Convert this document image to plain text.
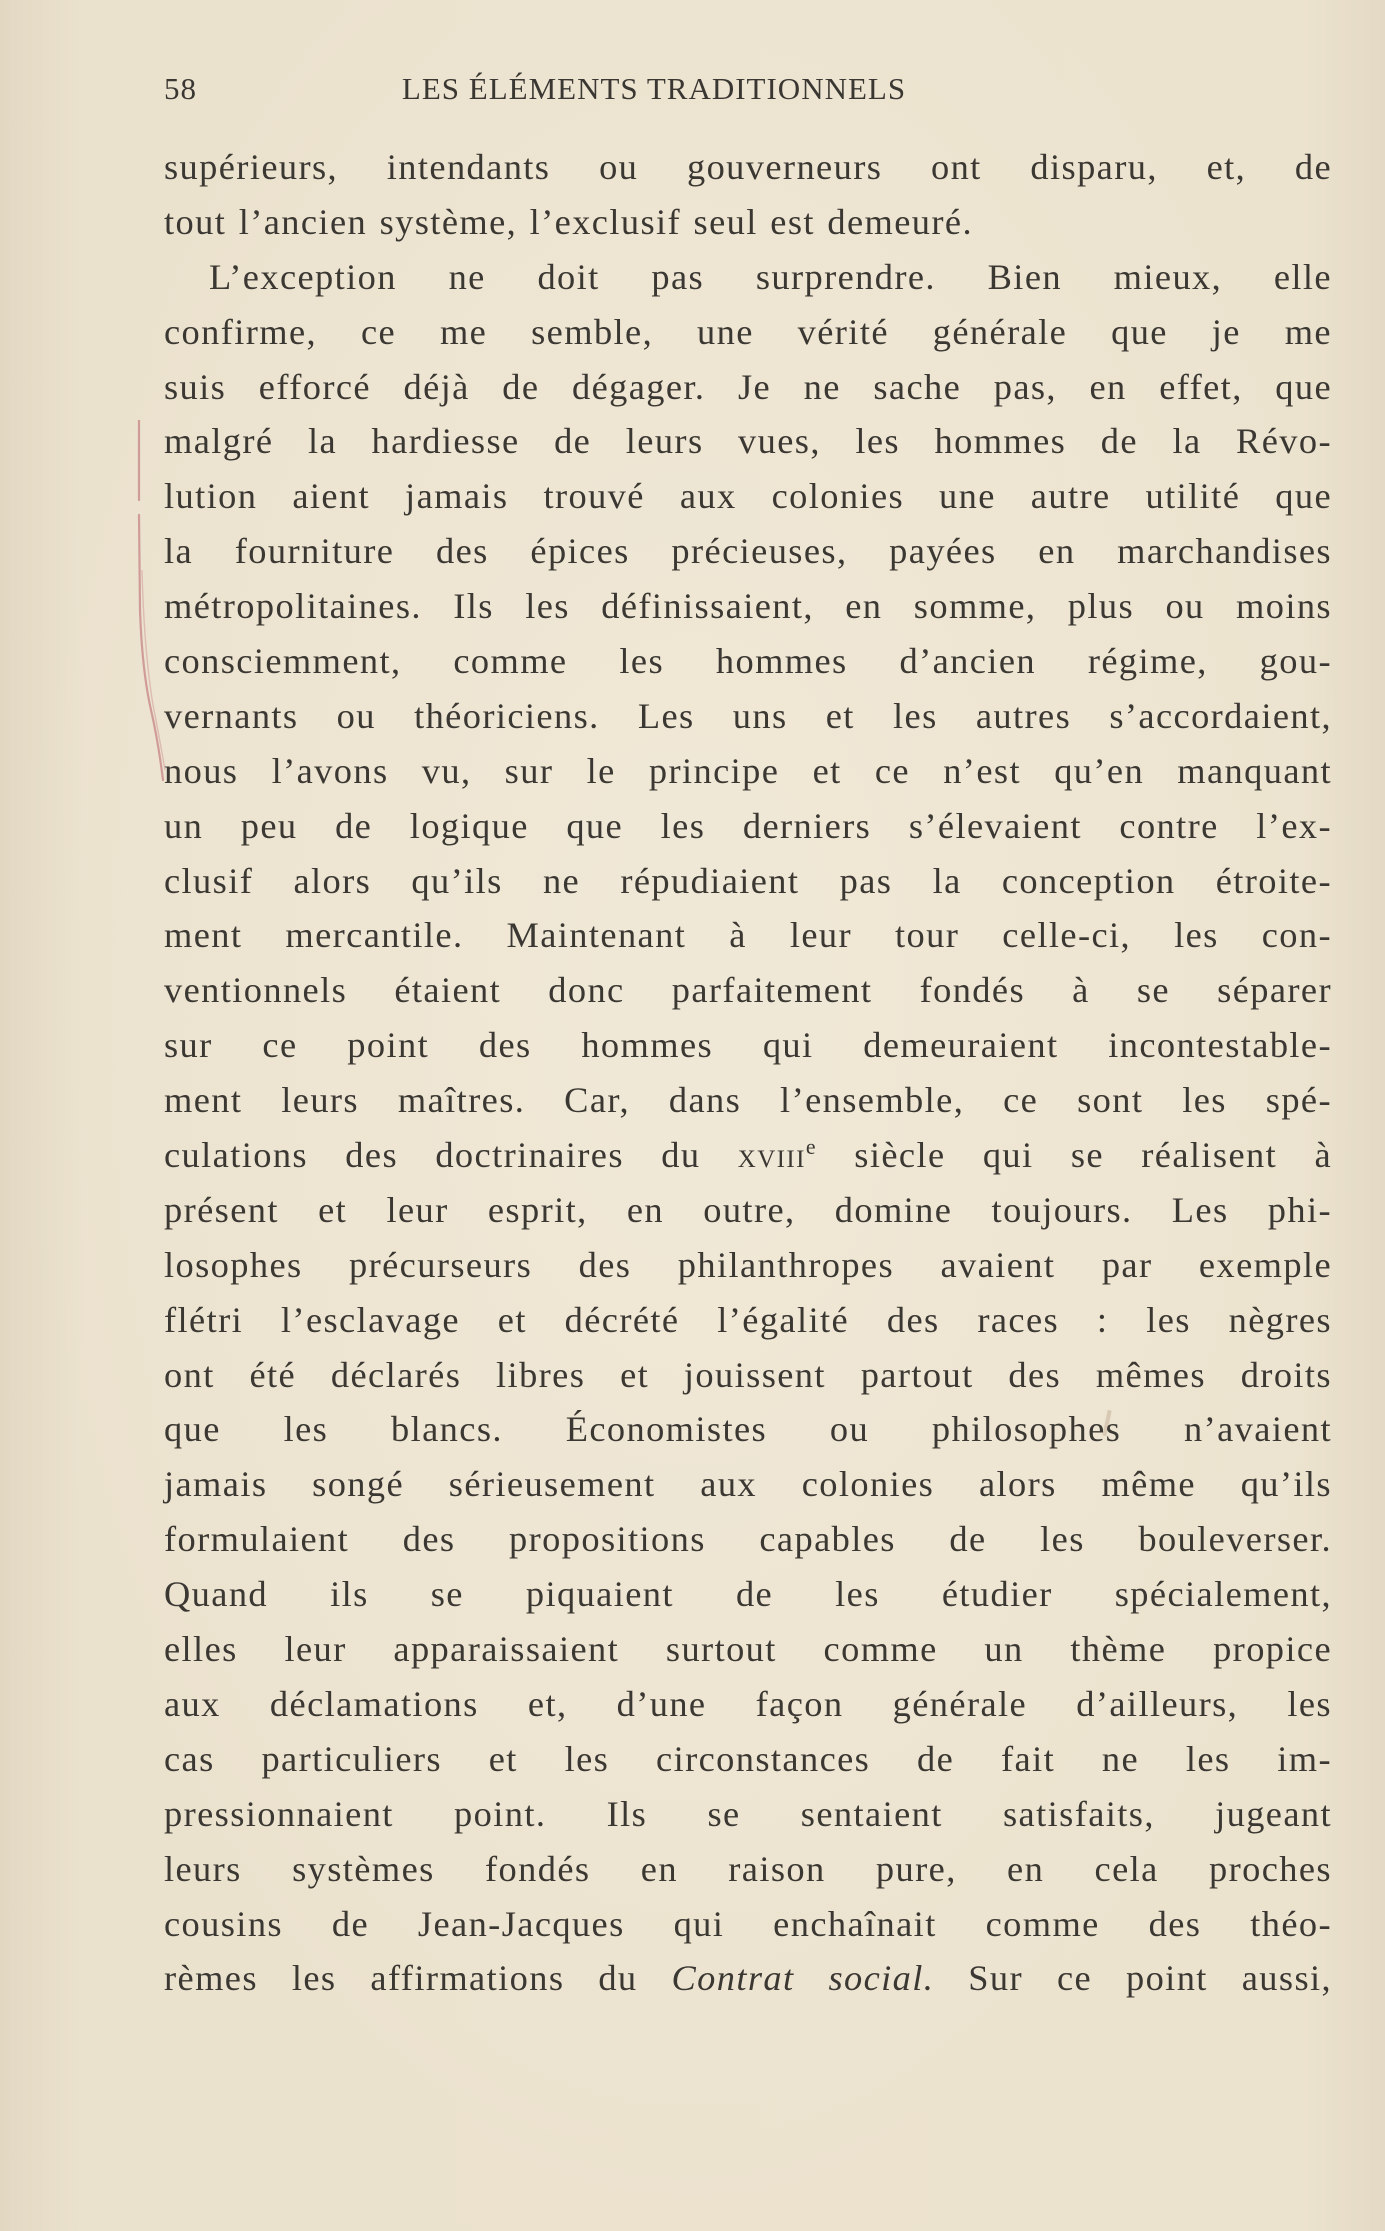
58	LES ÉLÉMENTS TRADITIONNELS
supérieurs, intendants ou gouverneurs ont disparu, et, de
tout l’ancien système, l’exclusif seul est demeuré.
L’exception ne doit pas surprendre. Bien mieux, elle
confirme, ce me semble, une vérité générale que je me
suis efforcé déjà de dégager. Je ne sache pas, en effet, que
malgré la hardiesse de leurs vues, les hommes de la Révo-
lution aient jamais trouvé aux colonies une autre utilité que
la fourniture des épices précieuses, payées en marchandises
métropolitaines. Ils les définissaient, en somme, plus ou moins
consciemment, comme les hommes d’ancien régime, gou-
vernants ou théoriciens. Les uns et les autres s’accordaient,
nous l’avons vu, sur le principe et ce n’est qu’en manquant
un peu de logique que les derniers s’élevaient contre l’ex-
clusif alors qu’ils ne répudiaient pas la conception étroite-
ment mercantile. Maintenant à leur tour celle-ci, les con-
ventionnels étaient donc parfaitement fondés à se séparer
sur ce point des hommes qui demeuraient incontestable-
ment leurs maîtres. Car, dans l’ensemble, ce sont les spé-
culations des doctrinaires du xviii$^e$ siècle qui se réalisent à
présent et leur esprit, en outre, domine toujours. Les phi-
losophes précurseurs des philanthropes avaient par exemple
flétri l’esclavage et décrété l’égalité des races : les nègres
ont été déclarés libres et jouissent partout des mêmes droits
que les blancs. Économistes ou philosophes n’avaient
jamais songé sérieusement aux colonies alors même qu’ils
formulaient des propositions capables de les bouleverser.
Quand ils se piquaient de les étudier spécialement,
elles leur apparaissaient surtout comme un thème propice
aux déclamations et, d’une façon générale d’ailleurs, les
cas particuliers et les circonstances de fait ne les im-
pressionnaient point. Ils se sentaient satisfaits, jugeant
leurs systèmes fondés en raison pure, en cela proches
cousins de Jean-Jacques qui enchaînait comme des théo-
rèmes les affirmations du Contrat social. Sur ce point aussi,
